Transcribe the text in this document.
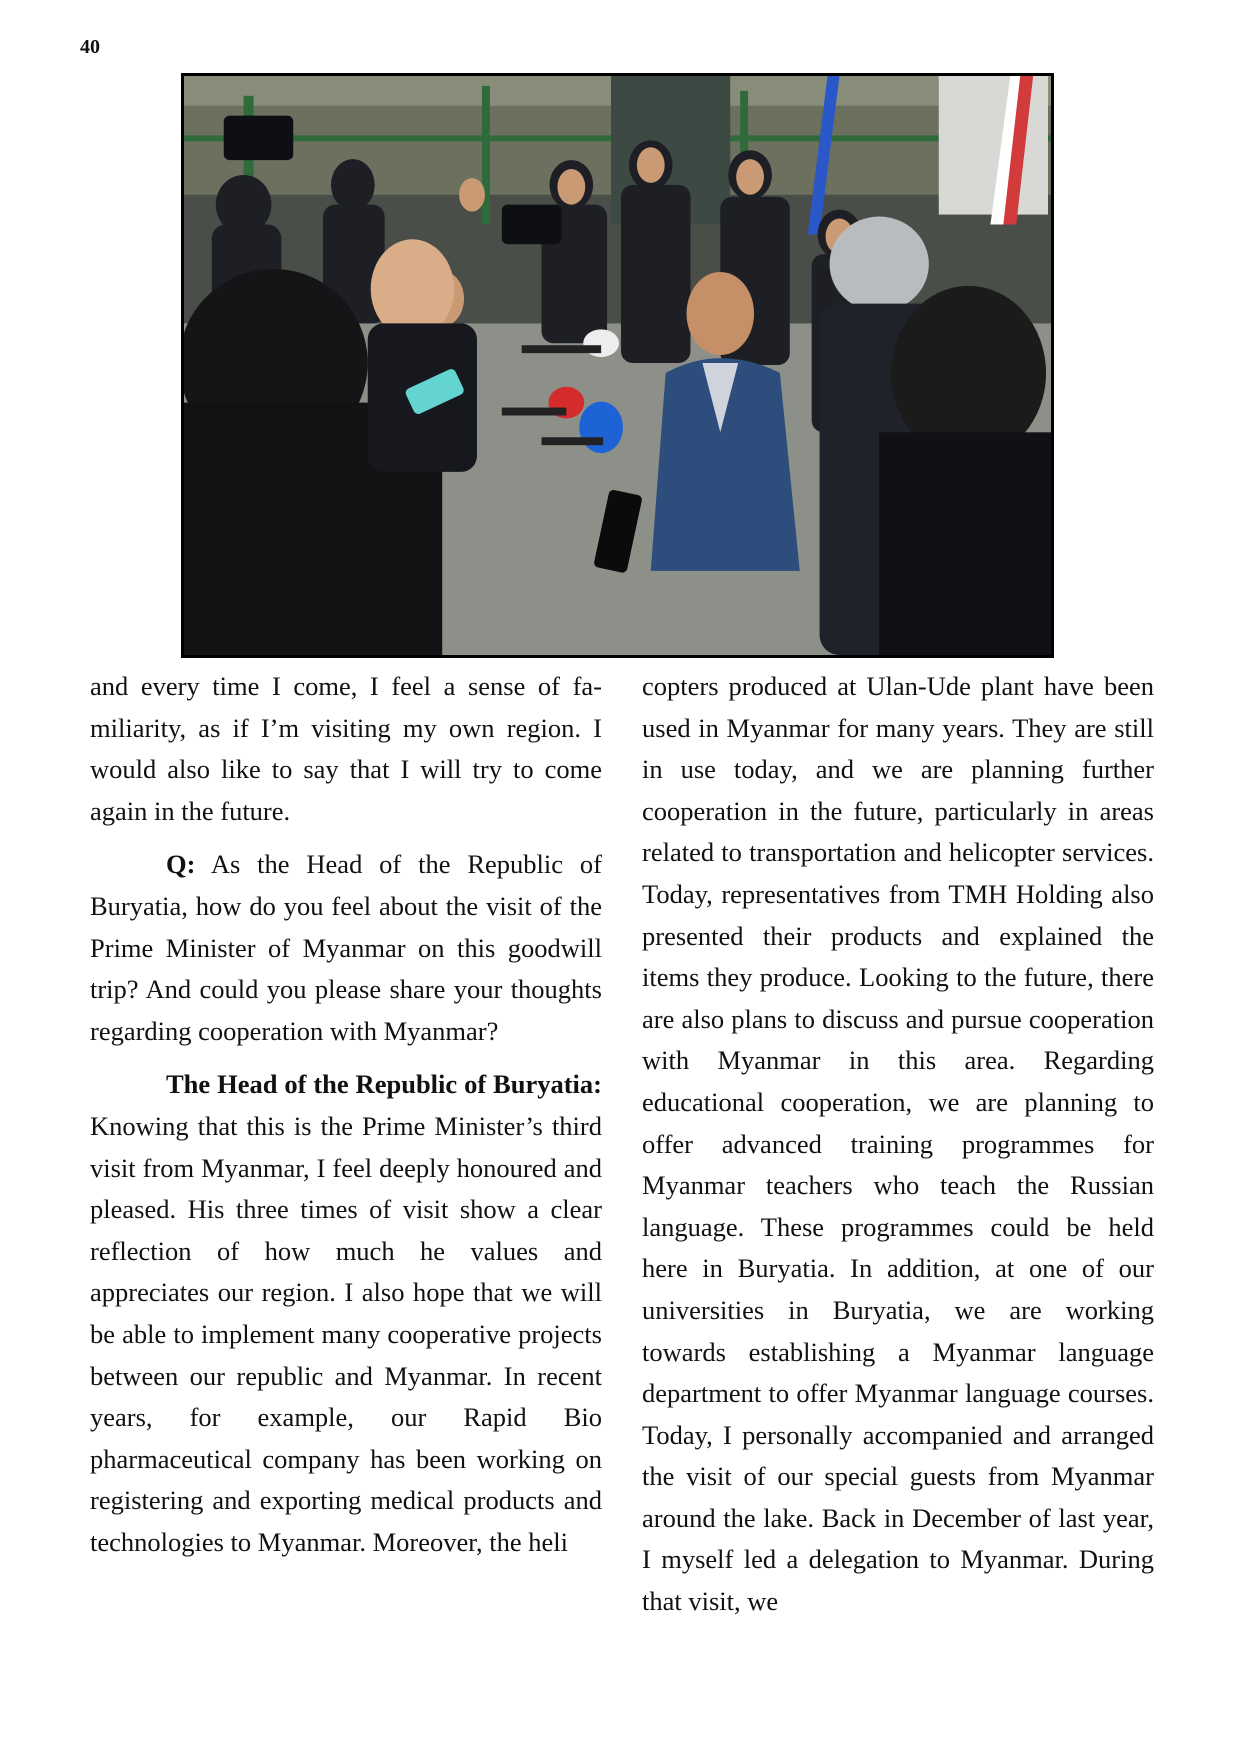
40

and every time I come, I feel a sense of familiarity, as if I’m visiting my own region. I would also like to say that I will try to come again in the future.

Q: As the Head of the Republic of Buryatia, how do you feel about the visit of the Prime Minister of Myanmar on this goodwill trip? And could you please share your thoughts regarding cooperation with Myanmar?

The Head of the Republic of Buryatia: Knowing that this is the Prime Minister’s third visit from Myanmar, I feel deeply honoured and pleased. His three times of visit show a clear reflection of how much he values and appreciates our region. I also hope that we will be able to implement many cooperative projects between our republic and Myanmar. In recent years, for example, our Rapid Bio pharmaceutical company has been working on registering and exporting medical products and technologies to Myanmar. Moreover, the heli

copters produced at Ulan-Ude plant have been used in Myanmar for many years. They are still in use today, and we are planning further cooperation in the future, particularly in areas related to transportation and helicopter services. Today, representatives from TMH Holding also presented their products and explained the items they produce. Looking to the future, there are also plans to discuss and pursue cooperation with Myanmar in this area. Regarding educational cooperation, we are planning to offer advanced training programmes for Myanmar teachers who teach the Russian language. These programmes could be held here in Buryatia. In addition, at one of our universities in Buryatia, we are working towards establishing a Myanmar language department to offer Myanmar language courses. Today, I personally accompanied and arranged the visit of our special guests from Myanmar around the lake. Back in December of last year, I myself led a delegation to Myanmar. During that visit, we
